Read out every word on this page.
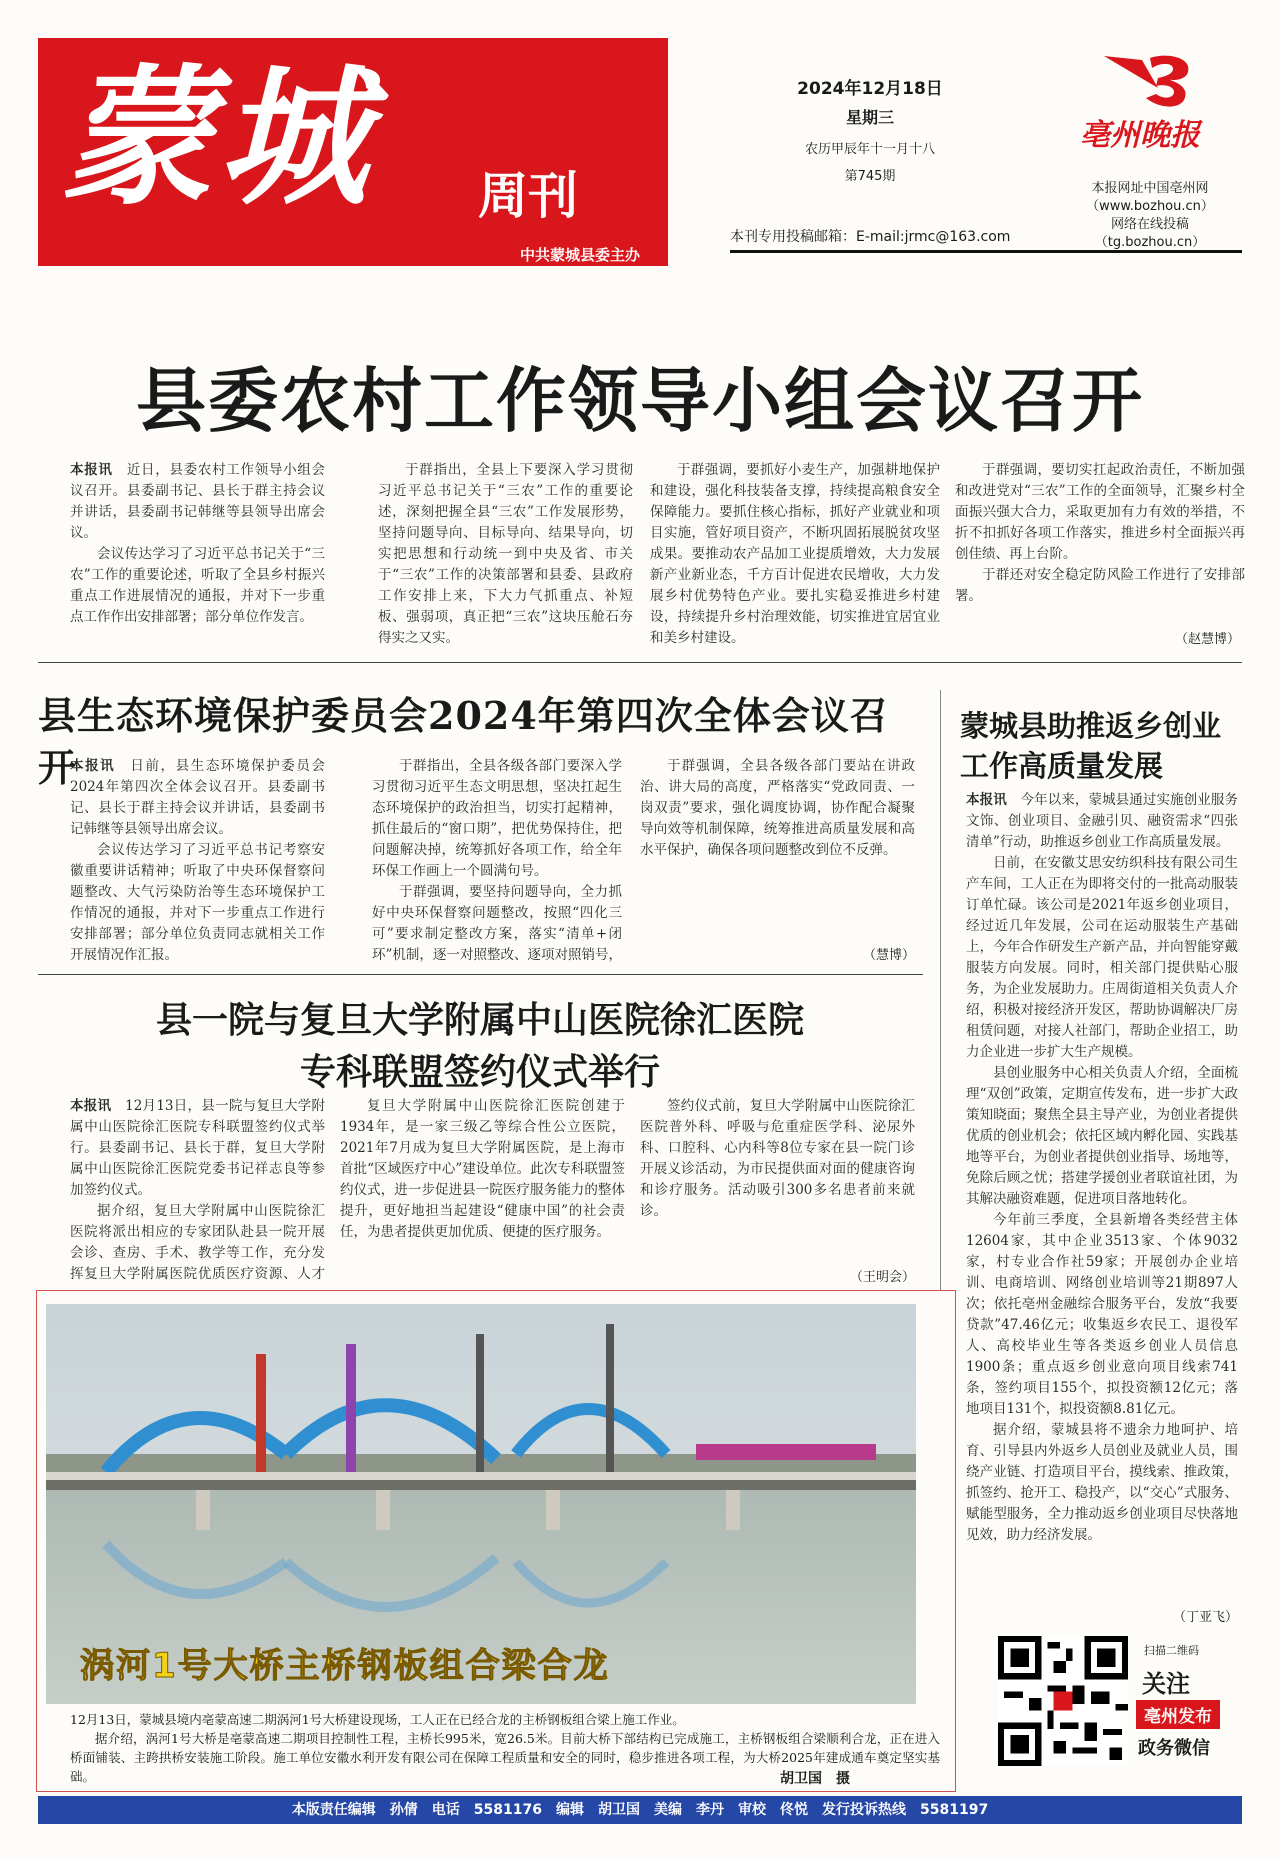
蒙城 周刊
中共蒙城县委主办
2024年12月18日
星期三
农历甲辰年十一月十八
第745期
本刊专用投稿邮箱：E-mail:jrmc@163.com
亳州晚报
本报网址中国亳州网
（www.bozhou.cn）
网络在线投稿
（tg.bozhou.cn）
县委农村工作领导小组会议召开

本报讯　 近日，县委农村工作领导小组会议召开。县委副书记、县长于群主持会议并讲话，县委副书记韩继等县领导出席会议。

会议传达学习了习近平总书记关于“三农”工作的重要论述，听取了全县乡村振兴重点工作进展情况的通报，并对下一步重点工作作出安排部署；部分单位作发言。

于群指出，全县上下要深入学习贯彻习近平总书记关于“三农”工作的重要论述，深刻把握全县“三农”工作发展形势，坚持问题导向、目标导向、结果导向，切实把思想和行动统一到中央及省、市关于“三农”工作的决策部署和县委、县政府工作安排上来，下大力气抓重点、补短板、强弱项，真正把“三农”这块压舱石夯得实之又实。

于群强调，要抓好小麦生产，加强耕地保护和建设，强化科技装备支撑，持续提高粮食安全保障能力。要抓住核心指标，抓好产业就业和项目实施，管好项目资产，不断巩固拓展脱贫攻坚成果。要推动农产品加工业提质增效，大力发展新产业新业态，千方百计促进农民增收，大力发展乡村优势特色产业。要扎实稳妥推进乡村建设，持续提升乡村治理效能，切实推进宜居宜业和美乡村建设。

于群强调，要切实扛起政治责任，不断加强和改进党对“三农”工作的全面领导，汇聚乡村全面振兴强大合力，采取更加有力有效的举措，不折不扣抓好各项工作落实，推进乡村全面振兴再创佳绩、再上台阶。

于群还对安全稳定防风险工作进行了安排部署。

（赵慧博）
县生态环境保护委员会2024年第四次全体会议召开

本报讯　 日前，县生态环境保护委员会2024年第四次全体会议召开。县委副书记、县长于群主持会议并讲话，县委副书记韩继等县领导出席会议。

会议传达学习了习近平总书记考察安徽重要讲话精神；听取了中央环保督察问题整改、大气污染防治等生态环境保护工作情况的通报，并对下一步重点工作进行安排部署；部分单位负责同志就相关工作开展情况作汇报。

于群指出，全县各级各部门要深入学习贯彻习近平生态文明思想，坚决扛起生态环境保护的政治担当，切实打起精神，抓住最后的“窗口期”，把优势保持住，把问题解决掉，统筹抓好各项工作，给全年环保工作画上一个圆满句号。

于群强调，要坚持问题导向，全力抓好中央环保督察问题整改，按照“四化三可”要求制定整改方案，落实“清单+闭环”机制，逐一对照整改、逐项对照销号，

于群强调，全县各级各部门要站在讲政治、讲大局的高度，严格落实“党政同责、一岗双责”要求，强化调度协调，协作配合凝聚导向效等机制保障，统筹推进高质量发展和高水平保护，确保各项问题整改到位不反弹。

（慧博）
县一院与复旦大学附属中山医院徐汇医院
专科联盟签约仪式举行

本报讯　 12月13日，县一院与复旦大学附属中山医院徐汇医院专科联盟签约仪式举行。县委副书记、县长于群，复旦大学附属中山医院徐汇医院党委书记祥志良等参加签约仪式。

据介绍，复旦大学附属中山医院徐汇医院将派出相应的专家团队赴县一院开展会诊、查房、手术、教学等工作，充分发挥复旦大学附属医院优质医疗资源、人才

复旦大学附属中山医院徐汇医院创建于1934年，是一家三级乙等综合性公立医院，2021年7月成为复旦大学附属医院，是上海市首批“区域医疗中心”建设单位。此次专科联盟签约仪式，进一步促进县一院医疗服务能力的整体提升，更好地担当起建设“健康中国”的社会责任，为患者提供更加优质、便捷的医疗服务。

签约仪式前，复旦大学附属中山医院徐汇医院普外科、呼吸与危重症医学科、泌尿外科、口腔科、心内科等8位专家在县一院门诊开展义诊活动，为市民提供面对面的健康咨询和诊疗服务。活动吸引300多名患者前来就诊。

（王明会）
蒙城县助推返乡创业
工作高质量发展

本报讯　 今年以来，蒙城县通过实施创业服务文饰、创业项目、金融引贝、融资需求“四张清单”行动，助推返乡创业工作高质量发展。

日前，在安徽艾思安纺织科技有限公司生产车间，工人正在为即将交付的一批高动服装订单忙碌。该公司是2021年返乡创业项目，经过近几年发展，公司在运动服装生产基础上，今年合作研发生产新产品，并向智能穿戴服装方向发展。同时，相关部门提供贴心服务，为企业发展助力。庄周街道相关负责人介绍，积极对接经济开发区，帮助协调解决厂房租赁问题，对接人社部门，帮助企业招工，助力企业进一步扩大生产规模。

县创业服务中心相关负责人介绍，全面梳理“双创”政策，定期宣传发布，进一步扩大政策知晓面；聚焦全县主导产业，为创业者提供优质的创业机会；依托区域内孵化园、实践基地等平台，为创业者提供创业指导、场地等，免除后顾之忧；搭建学援创业者联谊社团，为其解决融资难题，促进项目落地转化。

今年前三季度，全县新增各类经营主体12604家，其中企业3513家、个体9032家，村专业合作社59家；开展创办企业培训、电商培训、网络创业培训等21期897人次；依托亳州金融综合服务平台，发放“我要贷款”47.46亿元；收集返乡农民工、退役军人、高校毕业生等各类返乡创业人员信息1900条；重点返乡创业意向项目线索741条，签约项目155个，拟投资额12亿元；落地项目131个，拟投资额8.81亿元。

据介绍，蒙城县将不遗余力地呵护、培育、引导县内外返乡人员创业及就业人员，围绕产业链、打造项目平台，摸线索、推政策，抓签约、抢开工、稳投产，以“交心”式服务、赋能型服务，全力推动返乡创业项目尽快落地见效，助力经济发展。

（丁亚飞）
涡河1号大桥主桥钢板组合梁合龙

12月13日，蒙城县境内亳蒙高速二期涡河1号大桥建设现场，工人正在已经合龙的主桥钢板组合梁上施工作业。

据介绍，涡河1号大桥是亳蒙高速二期项目控制性工程，主桥长995米，宽26.5米。目前大桥下部结构已完成施工，主桥钢板组合梁顺利合龙，正在进入桥面铺装、主跨拱桥安装施工阶段。施工单位安徽水利开发有限公司在保障工程质量和安全的同时，稳步推进各项工程，为大桥2025年建成通车奠定坚实基础。	胡卫国　摄
扫描二维码
关注
亳州发布
政务微信
本版责任编辑　孙倩　电话　5581176　编辑　胡卫国　美编　李丹　审校　佟悦　发行投诉热线　5581197
